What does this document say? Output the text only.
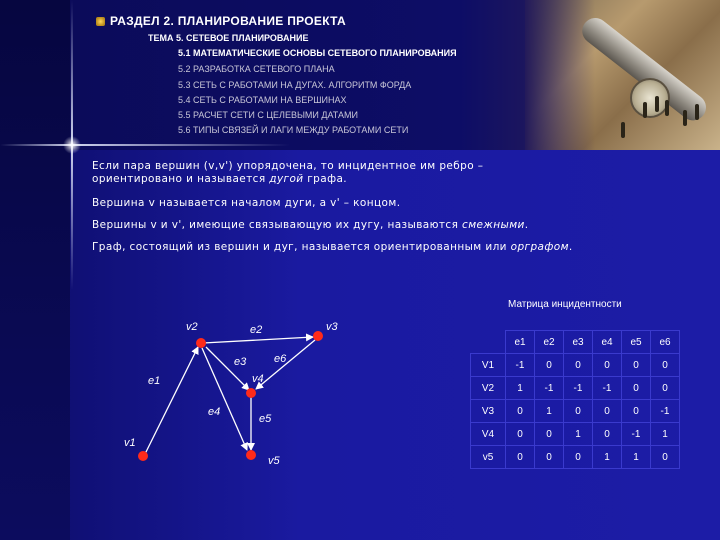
РАЗДЕЛ 2. ПЛАНИРОВАНИЕ ПРОЕКТА
ТЕМА 5. СЕТЕВОЕ ПЛАНИРОВАНИЕ
5.1 МАТЕМАТИЧЕСКИЕ ОСНОВЫ СЕТЕВОГО ПЛАНИРОВАНИЯ
5.2 РАЗРАБОТКА СЕТЕВОГО ПЛАНА
5.3 СЕТЬ С РАБОТАМИ НА ДУГАХ. АЛГОРИТМ ФОРДА
5.4 СЕТЬ С РАБОТАМИ НА ВЕРШИНАХ
5.5 РАСЧЕТ СЕТИ С ЦЕЛЕВЫМИ ДАТАМИ
5.6 ТИПЫ СВЯЗЕЙ И ЛАГИ МЕЖДУ РАБОТАМИ СЕТИ
Если пара вершин (v,v') упорядочена, то инцидентное им ребро –
ориентировано и называется дугой графа.
Вершина v называется началом дуги, а v' – концом.
Вершины v и v', имеющие связывающую их дугу, называются смежными.
Граф, состоящий из вершин и дуг, называется ориентированным или орграфом.
v1
v2	v3
v4
v5
e1
e2
e3
e4
e5
e6
Матрица инцидентности
	e1	e2	e3	e4	e5	e6
V1	-1	0	0	0	0	0
V2	1	-1	-1	-1	0	0
V3	0	1	0	0	0	-1
V4	0	0	1	0	-1	1
v5	0	0	0	1	1	0
